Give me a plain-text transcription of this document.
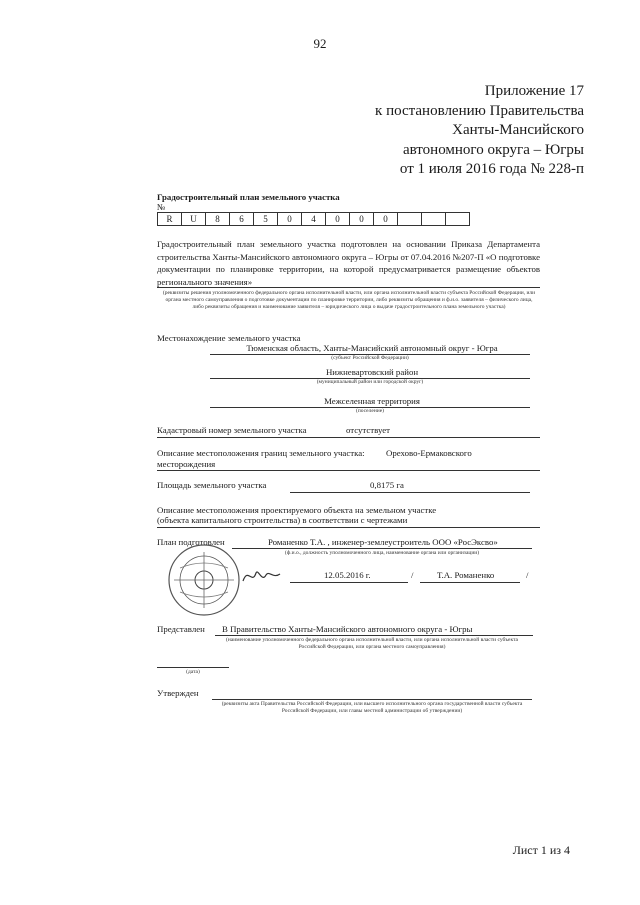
92
Приложение 17
к постановлению Правительства
Ханты-Мансийского
автономного округа – Югры
от 1 июля 2016 года № 228-п
Градостроительный план земельного участка
№
R	U	8	6	5	0	4	0	0	0			
Градостроительный план земельного участка подготовлен на основании Приказа Департамента строительства Ханты-Мансийского автономного округа – Югры от 07.04.2016 №207-П «О подготовке документации по планировке территории, на которой предусматривается размещение объектов регионального значения»
(реквизиты решения уполномоченного федерального органа исполнительной власти, или органа исполнительной власти субъекта Российской Федерации, или органа местного самоуправления о подготовке документации по планировке территории, либо реквизиты обращения и ф.и.о. заявителя – физического лица, либо реквизиты обращения и наименование заявителя – юридического лица о выдаче градостроительного плана земельного участка)
Местонахождение земельного участка
Тюменская область, Ханты-Мансийский автономный округ - Югра
(субъект Российской Федерации)
Нижневартовский район
(муниципальный район или городской округ)
Межселенная территория
(поселение)
Кадастровый номер земельного участка	отсутствует
Описание местоположения границ земельного участка: Орехово-Ермаковского
месторождения
Площадь земельного участка	0,8175 га
Описание местоположения проектируемого объекта на земельном участке
(объекта капитального строительства) в соответствии с чертежами
План подготовлен	Романенко Т.А. , инженер-землеустроитель ООО «РосЭксво»
(ф.и.о., должность уполномоченного лица, наименование органа или организации)
12.05.2016 г.	/	Т.А. Романенко	/
Представлен В Правительство Ханты-Мансийского автономного округа - Югры
(наименование уполномоченного федерального органа исполнительной власти, или органа исполнительной власти субъекта Российской Федерации, или органа местного самоуправления)
(дата)
Утвержден
(реквизиты акта Правительства Российской Федерации, или высшего исполнительного органа государственной власти субъекта Российской Федерации, или главы местной администрации об утверждении)
Лист 1 из 4
